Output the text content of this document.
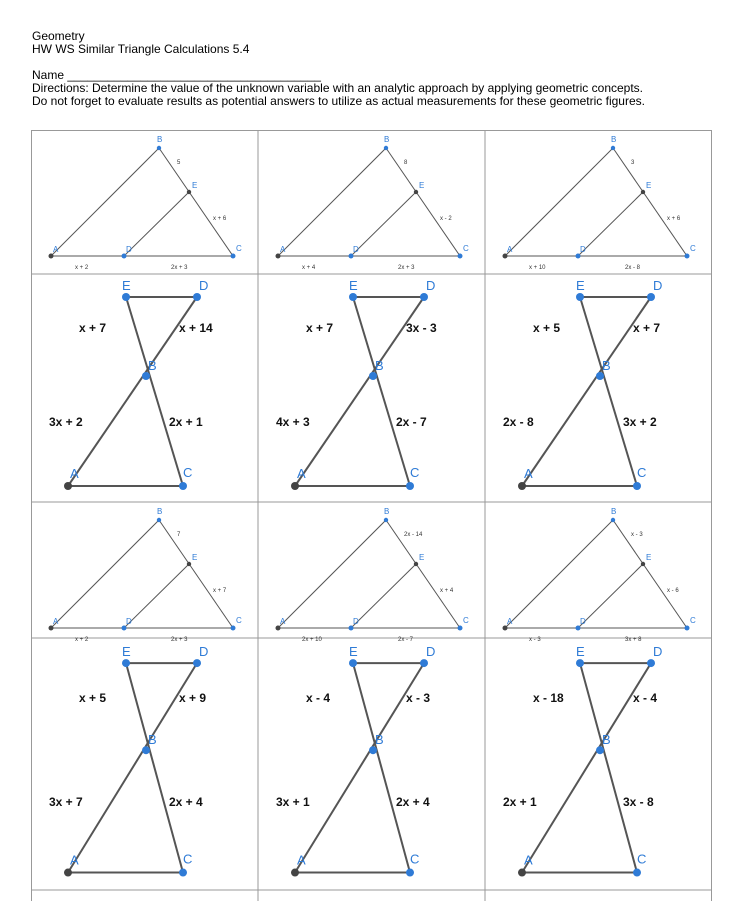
Geometry
HW WS Similar Triangle Calculations 5.4
Name ______________________________________
Directions: Determine the value of the unknown variable with an analytic approach by applying geometric concepts.
Do not forget to evaluate results as potential answers to utilize as actual measurements for these geometric figures.
A
B
C
D
E
5
x + 6
x + 2	2x + 3
A
B
C
D
E
8
x - 2
x + 4	2x + 3
A
B
C
D
E
3
x + 6
x + 10	2x - 8
E	D
B
A	C
x + 7	x + 14
3x + 2	2x + 1
E	D
B
A	C
x + 7	3x - 3
4x + 3	2x - 7
E	D
B
A	C
x + 5	x + 7
2x - 8	3x + 2
A
B
C
D
E
7
x + 7
x + 2	2x + 3
A
B
C
D
E
2x - 14
x + 4
2x + 10	2x - 7
A
B
C
D
E
x - 3
x - 6
x - 3	3x + 8
E	D
B
A	C
x + 5	x + 9
3x + 7	2x + 4
E	D
B
A	C
x - 4	x - 3
3x + 1	2x + 4
E	D
B
A	C
x - 18	x - 4
2x + 1	3x - 8
